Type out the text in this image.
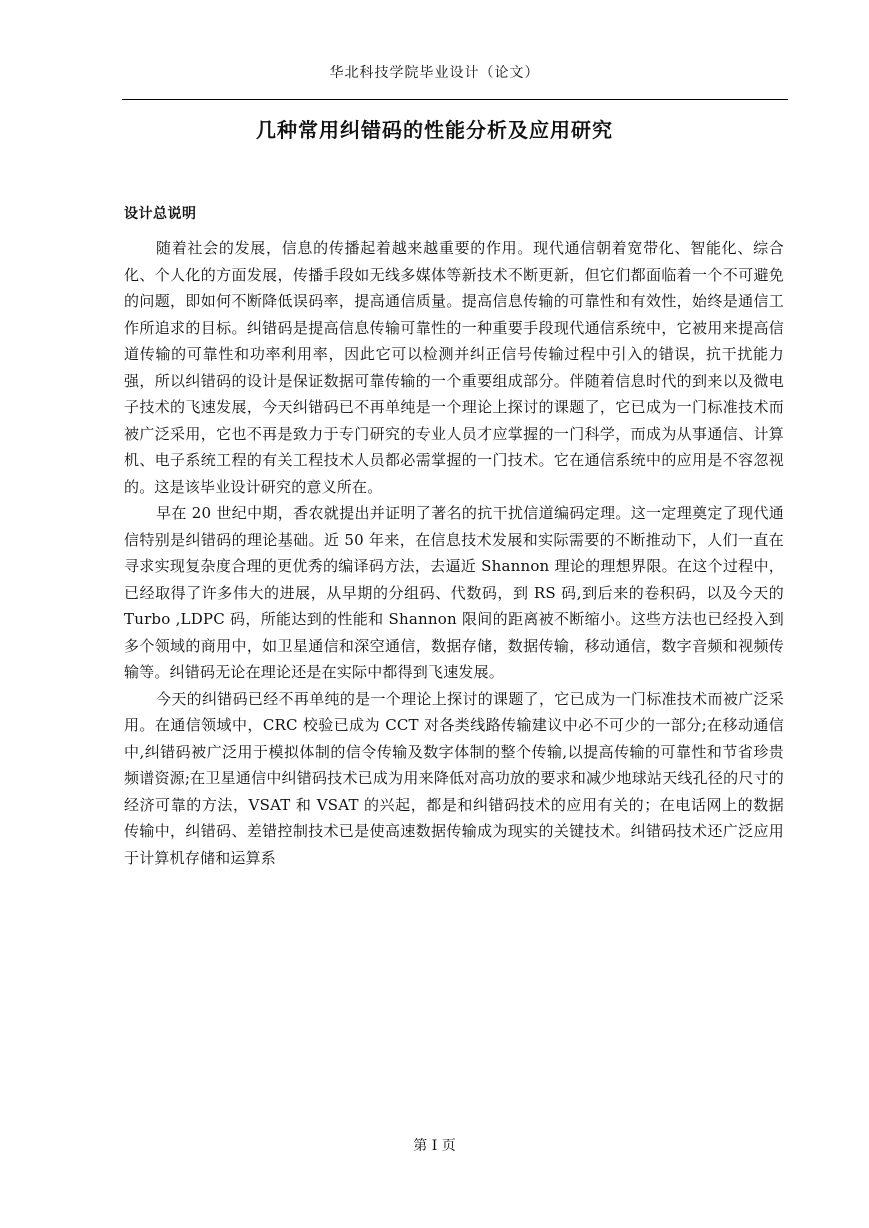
华北科技学院毕业设计（论文）
几种常用纠错码的性能分析及应用研究
设计总说明

随着社会的发展，信息的传播起着越来越重要的作用。现代通信朝着宽带化、智能化、综合化、个人化的方面发展，传播手段如无线多媒体等新技术不断更新，但它们都面临着一个不可避免的问题，即如何不断降低误码率，提高通信质量。提高信息传输的可靠性和有效性，始终是通信工作所追求的目标。纠错码是提高信息传输可靠性的一种重要手段现代通信系统中，它被用来提高信道传输的可靠性和功率利用率，因此它可以检测并纠正信号传输过程中引入的错误，抗干扰能力强，所以纠错码的设计是保证数据可靠传输的一个重要组成部分。伴随着信息时代的到来以及微电子技术的飞速发展，今天纠错码已不再单纯是一个理论上探讨的课题了，它已成为一门标准技术而被广泛采用，它也不再是致力于专门研究的专业人员才应掌握的一门科学，而成为从事通信、计算机、电子系统工程的有关工程技术人员都必需掌握的一门技术。它在通信系统中的应用是不容忽视的。这是该毕业设计研究的意义所在。

早在 20 世纪中期，香农就提出并证明了著名的抗干扰信道编码定理。这一定理奠定了现代通信特别是纠错码的理论基础。近 50 年来，在信息技术发展和实际需要的不断推动下，人们一直在寻求实现复杂度合理的更优秀的编译码方法，去逼近 Shannon 理论的理想界限。在这个过程中，已经取得了许多伟大的进展，从早期的分组码、代数码，到 RS 码,到后来的卷积码，以及今天的 Turbo ,LDPC 码，所能达到的性能和 Shannon 限间的距离被不断缩小。这些方法也已经投入到多个领域的商用中，如卫星通信和深空通信，数据存储，数据传输，移动通信，数字音频和视频传输等。纠错码无论在理论还是在实际中都得到飞速发展。

今天的纠错码已经不再单纯的是一个理论上探讨的课题了，它已成为一门标准技术而被广泛采用。在通信领域中，CRC 校验已成为 CCT 对各类线路传输建议中必不可少的一部分;在移动通信中,纠错码被广泛用于模拟体制的信令传输及数字体制的整个传输,以提高传输的可靠性和节省珍贵频谱资源;在卫星通信中纠错码技术已成为用来降低对高功放的要求和减少地球站天线孔径的尺寸的经济可靠的方法，VSAT 和 VSAT 的兴起，都是和纠错码技术的应用有关的；在电话网上的数据传输中，纠错码、差错控制技术已是使高速数据传输成为现实的关键技术。纠错码技术还广泛应用于计算机存储和运算系

第 I 页
